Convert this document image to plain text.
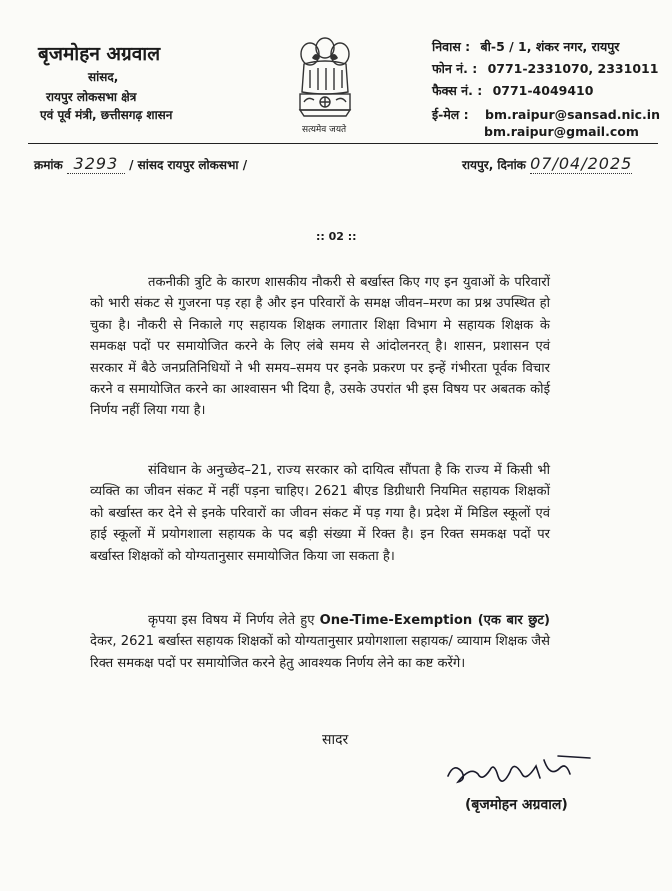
बृजमोहन अग्रवाल
सांसद,
रायपुर लोकसभा क्षेत्र
एवं पूर्व मंत्री, छत्तीसगढ़ शासन
सत्यमेव जयते
निवास : बी-5 / 1, शंकर नगर, रायपुर
फोन नं. : 0771-2331070, 2331011
फैक्स नं. : 0771-4049410
ई-मेल : bm.raipur@sansad.nic.in
bm.raipur@gmail.com
क्रमांक 3293 / सांसद रायपुर लोकसभा /	रायपुर, दिनांक 07/04/2025
:: 02 ::
तकनीकी त्रुटि के कारण शासकीय नौकरी से बर्खास्त किए गए इन युवाओं के परिवारों को भारी संकट से गुजरना पड़ रहा है और इन परिवारों के समक्ष जीवन–मरण का प्रश्न उपस्थित हो चुका है। नौकरी से निकाले गए सहायक शिक्षक लगातार शिक्षा विभाग मे सहायक शिक्षक के समकक्ष पदों पर समायोजित करने के लिए लंबे समय से आंदोलनरत् है। शासन, प्रशासन एवं सरकार में बैठे जनप्रतिनिधियों ने भी समय–समय पर इनके प्रकरण पर इन्हें गंभीरता पूर्वक विचार करने व समायोजित करने का आश्वासन भी दिया है, उसके उपरांत भी इस विषय पर अबतक कोई निर्णय नहीं लिया गया है।
संविधान के अनुच्छेद–21, राज्य सरकार को दायित्व सौंपता है कि राज्य में किसी भी व्यक्ति का जीवन संकट में नहीं पड़ना चाहिए। 2621 बीएड डिग्रीधारी नियमित सहायक शिक्षकों को बर्खास्त कर देने से इनके परिवारों का जीवन संकट में पड़ गया है। प्रदेश में मिडिल स्कूलों एवं हाई स्कूलों में प्रयोगशाला सहायक के पद बड़ी संख्या में रिक्त है। इन रिक्त समकक्ष पदों पर बर्खास्त शिक्षकों को योग्यतानुसार समायोजित किया जा सकता है।
कृपया इस विषय में निर्णय लेते हुए One-Time-Exemption (एक बार छुट) देकर, 2621 बर्खास्त सहायक शिक्षकों को योग्यतानुसार प्रयोगशाला सहायक/ व्यायाम शिक्षक जैसे रिक्त समकक्ष पदों पर समायोजित करने हेतु आवश्यक निर्णय लेने का कष्ट करेंगे।
सादर
(बृजमोहन अग्रवाल)
